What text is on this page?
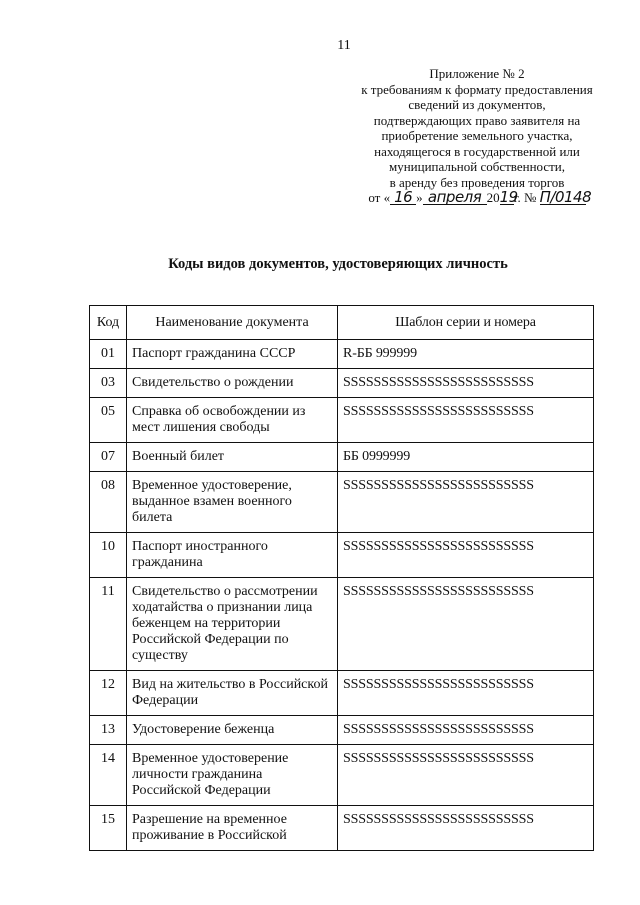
11
Приложение № 2
к требованиям к формату предоставления
сведений из документов,
подтверждающих право заявителя на
приобретение земельного участка,
находящегося в государственной или
муниципальной собственности,
в аренду без проведения торгов
от « 16 » апреля 2019г. № П/0148
Коды видов документов, удостоверяющих личность
Код	Наименование документа	Шаблон серии и номера
01	Паспорт гражданина СССР	R-ББ 999999
03	Свидетельство о рождении	SSSSSSSSSSSSSSSSSSSSSSSSS
05	Справка об освобождении из мест лишения свободы	SSSSSSSSSSSSSSSSSSSSSSSSS
07	Военный билет	ББ 0999999
08	Временное удостоверение, выданное взамен военного билета	SSSSSSSSSSSSSSSSSSSSSSSSS
10	Паспорт иностранного гражданина	SSSSSSSSSSSSSSSSSSSSSSSSS
11	Свидетельство о рассмотрении ходатайства о признании лица беженцем на территории Российской Федерации по существу	SSSSSSSSSSSSSSSSSSSSSSSSS
12	Вид на жительство в Российской Федерации	SSSSSSSSSSSSSSSSSSSSSSSSS
13	Удостоверение беженца	SSSSSSSSSSSSSSSSSSSSSSSSS
14	Временное удостоверение личности гражданина Российской Федерации	SSSSSSSSSSSSSSSSSSSSSSSSS
15	Разрешение на временное проживание в Российской	SSSSSSSSSSSSSSSSSSSSSSSSS
